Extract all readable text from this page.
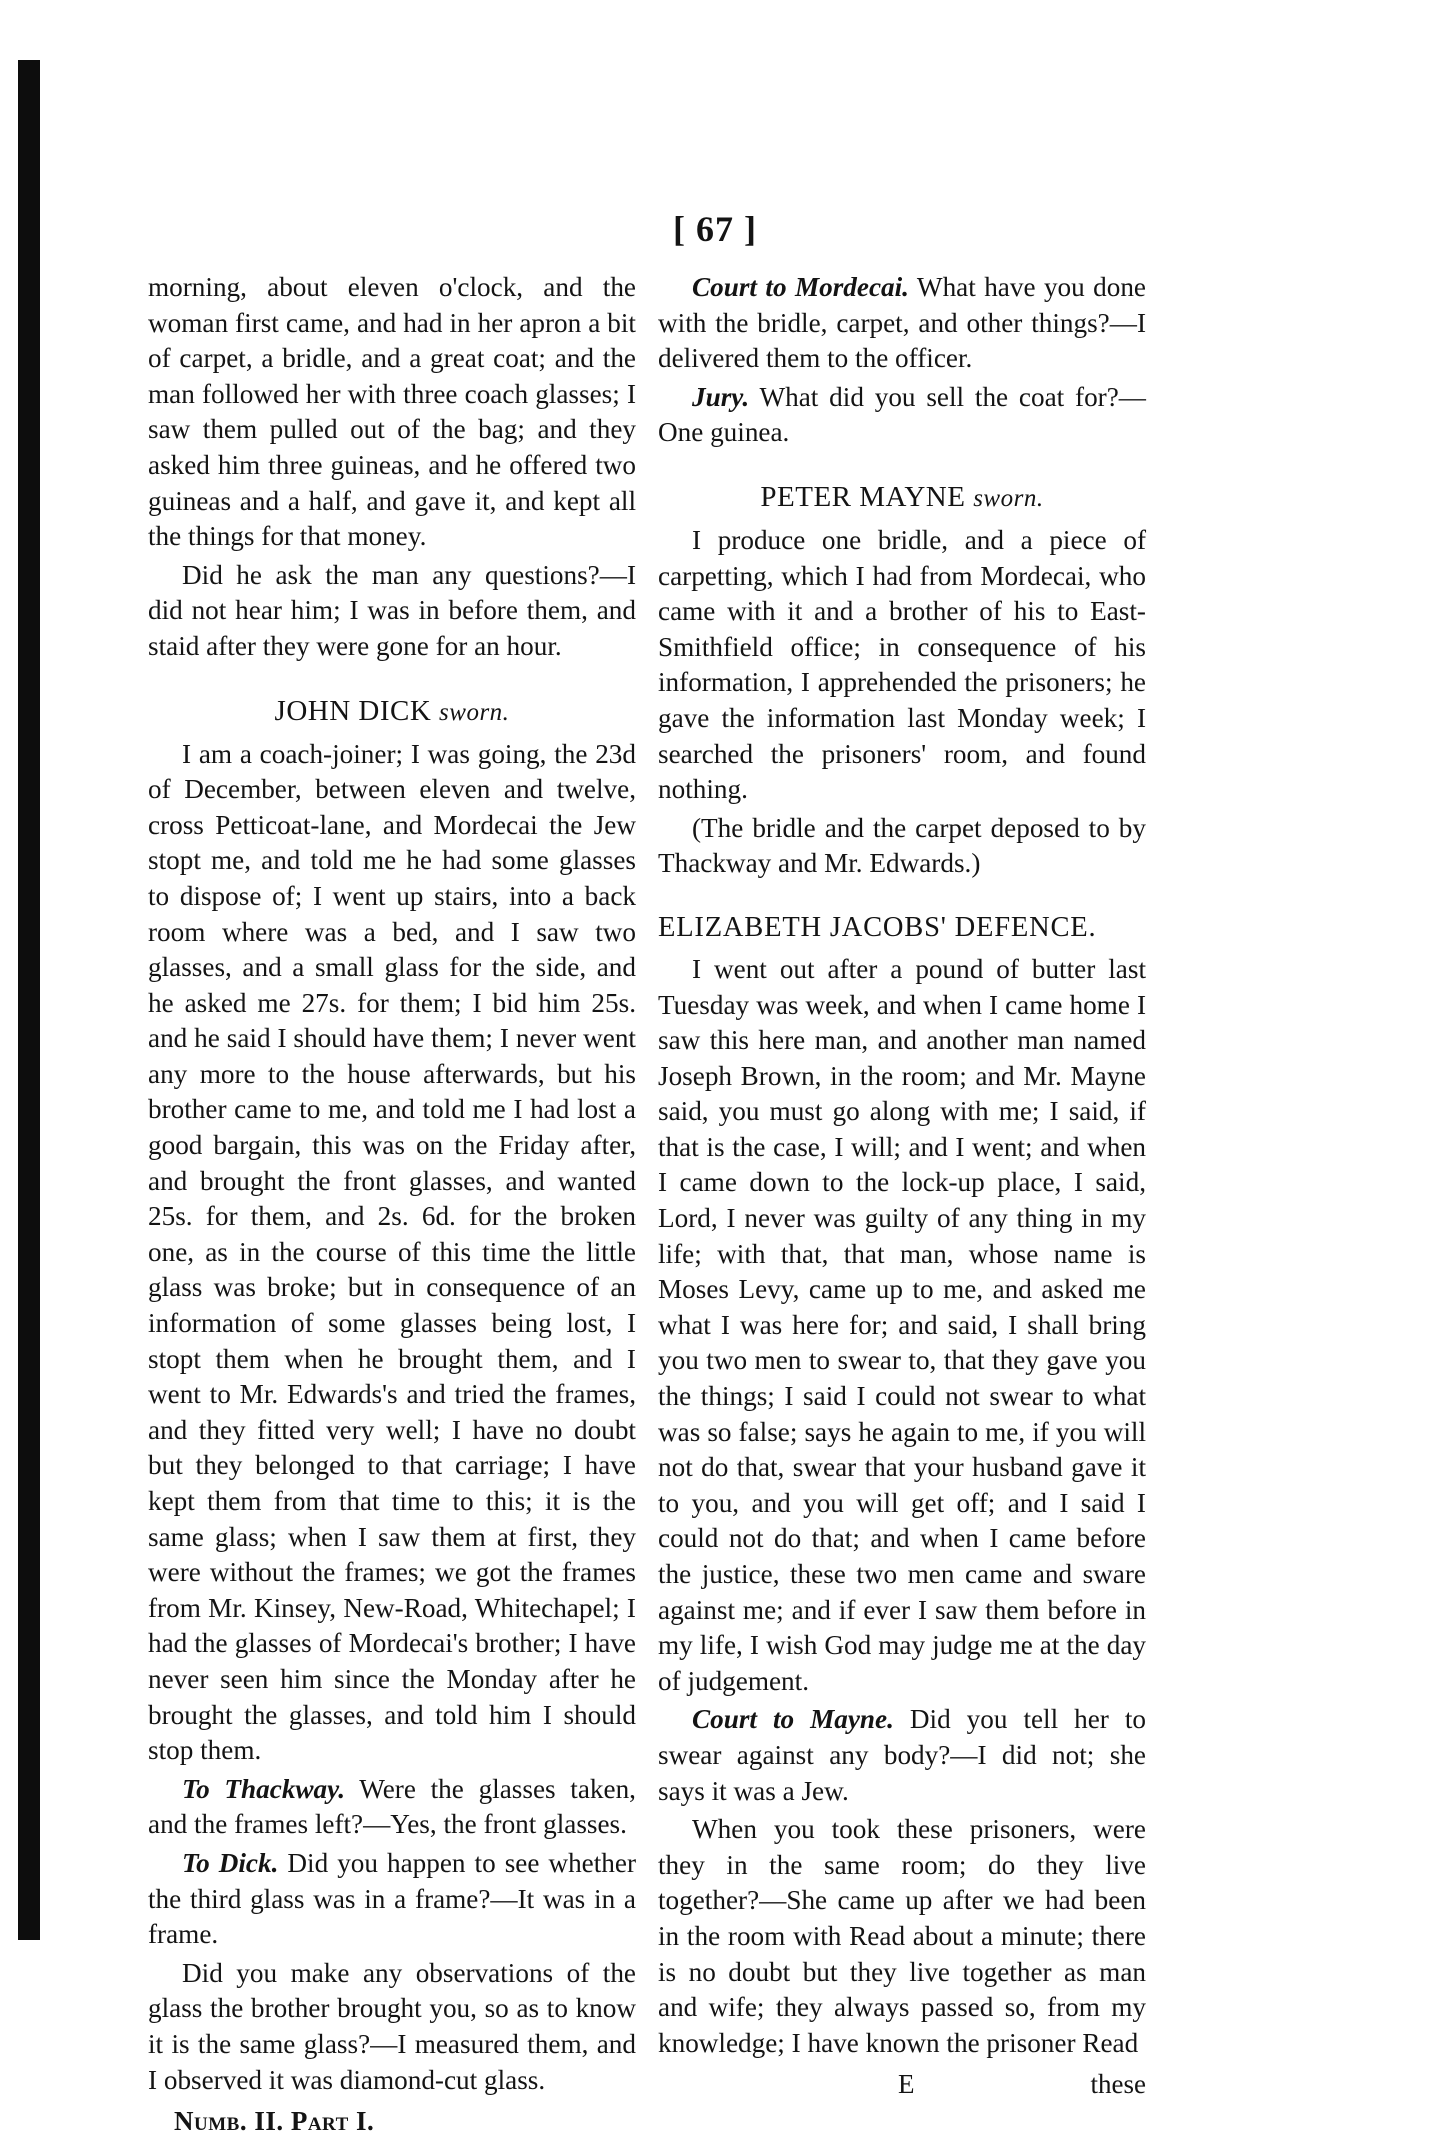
[ 67 ]

morning, about eleven o'clock, and the woman first came, and had in her apron a bit of carpet, a bridle, and a great coat; and the man followed her with three coach glasses; I saw them pulled out of the bag; and they asked him three guineas, and he offered two guineas and a half, and gave it, and kept all the things for that money.

Did he ask the man any questions?—I did not hear him; I was in before them, and staid after they were gone for an hour.

JOHN DICK sworn.

I am a coach-joiner; I was going, the 23d of December, between eleven and twelve, cross Petticoat-lane, and Mordecai the Jew stopt me, and told me he had some glasses to dispose of; I went up stairs, into a back room where was a bed, and I saw two glasses, and a small glass for the side, and he asked me 27s. for them; I bid him 25s. and he said I should have them; I never went any more to the house afterwards, but his brother came to me, and told me I had lost a good bargain, this was on the Friday after, and brought the front glasses, and wanted 25s. for them, and 2s. 6d. for the broken one, as in the course of this time the little glass was broke; but in consequence of an information of some glasses being lost, I stopt them when he brought them, and I went to Mr. Edwards's and tried the frames, and they fitted very well; I have no doubt but they belonged to that carriage; I have kept them from that time to this; it is the same glass; when I saw them at first, they were without the frames; we got the frames from Mr. Kinsey, New-Road, Whitechapel; I had the glasses of Mordecai's brother; I have never seen him since the Monday after he brought the glasses, and told him I should stop them.

To Thackway. Were the glasses taken, and the frames left?—Yes, the front glasses.

To Dick. Did you happen to see whether the third glass was in a frame?—It was in a frame.

Did you make any observations of the glass the brother brought you, so as to know it is the same glass?—I measured them, and I observed it was diamond-cut glass.

Numb. II. Part I.

Court to Mordecai. What have you done with the bridle, carpet, and other things?—I delivered them to the officer.

Jury. What did you sell the coat for?—One guinea.

PETER MAYNE sworn.

I produce one bridle, and a piece of carpetting, which I had from Mordecai, who came with it and a brother of his to East-Smithfield office; in consequence of his information, I apprehended the prisoners; he gave the information last Monday week; I searched the prisoners' room, and found nothing.

(The bridle and the carpet deposed to by Thackway and Mr. Edwards.)

ELIZABETH JACOBS' DEFENCE.

I went out after a pound of butter last Tuesday was week, and when I came home I saw this here man, and another man named Joseph Brown, in the room; and Mr. Mayne said, you must go along with me; I said, if that is the case, I will; and I went; and when I came down to the lock-up place, I said, Lord, I never was guilty of any thing in my life; with that, that man, whose name is Moses Levy, came up to me, and asked me what I was here for; and said, I shall bring you two men to swear to, that they gave you the things; I said I could not swear to what was so false; says he again to me, if you will not do that, swear that your husband gave it to you, and you will get off; and I said I could not do that; and when I came before the justice, these two men came and sware against me; and if ever I saw them before in my life, I wish God may judge me at the day of judgement.

Court to Mayne. Did you tell her to swear against any body?—I did not; she says it was a Jew.

When you took these prisoners, were they in the same room; do they live together?—She came up after we had been in the room with Read about a minute; there is no doubt but they live together as man and wife; they always passed so, from my knowledge; I have known the prisoner Read

E	these
